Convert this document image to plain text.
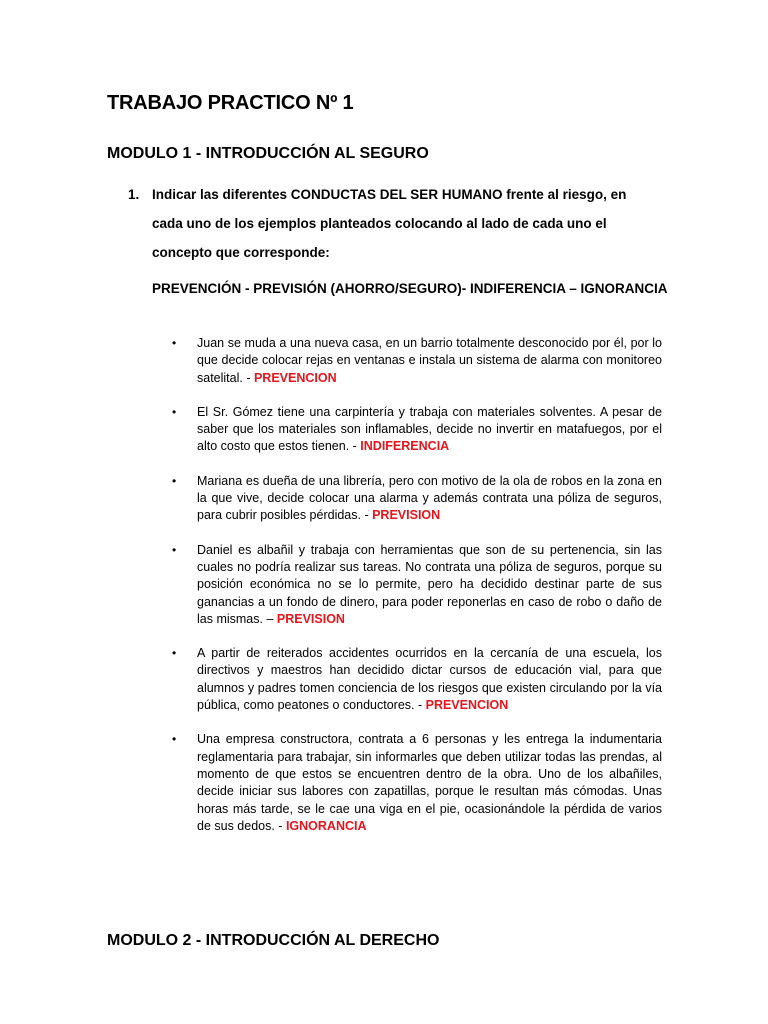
TRABAJO PRACTICO Nº 1
MODULO 1 - INTRODUCCIÓN AL SEGURO
1. Indicar las diferentes CONDUCTAS DEL SER HUMANO frente al riesgo, en cada uno de los ejemplos planteados colocando al lado de cada uno el concepto que corresponde:

PREVENCIÓN - PREVISIÓN (AHORRO/SEGURO)- INDIFERENCIA – IGNORANCIA

• Juan se muda a una nueva casa, en un barrio totalmente desconocido por él, por lo que decide colocar rejas en ventanas e instala un sistema de alarma con monitoreo satelital. - PREVENCION
• El Sr. Gómez tiene una carpintería y trabaja con materiales solventes. A pesar de saber que los materiales son inflamables, decide no invertir en matafuegos, por el alto costo que estos tienen. - INDIFERENCIA
• Mariana es dueña de una librería, pero con motivo de la ola de robos en la zona en la que vive, decide colocar una alarma y además contrata una póliza de seguros, para cubrir posibles pérdidas. - PREVISION
• Daniel es albañil y trabaja con herramientas que son de su pertenencia, sin las cuales no podría realizar sus tareas. No contrata una póliza de seguros, porque su posición económica no se lo permite, pero ha decidido destinar parte de sus ganancias a un fondo de dinero, para poder reponerlas en caso de robo o daño de las mismas. – PREVISION
• A partir de reiterados accidentes ocurridos en la cercanía de una escuela, los directivos y maestros han decidido dictar cursos de educación vial, para que alumnos y padres tomen conciencia de los riesgos que existen circulando por la vía pública, como peatones o conductores. - PREVENCION
• Una empresa constructora, contrata a 6 personas y les entrega la indumentaria reglamentaria para trabajar, sin informarles que deben utilizar todas las prendas, al momento de que estos se encuentren dentro de la obra. Uno de los albañiles, decide iniciar sus labores con zapatillas, porque le resultan más cómodas. Unas horas más tarde, se le cae una viga en el pie, ocasionándole la pérdida de varios de sus dedos. - IGNORANCIA
MODULO 2 - INTRODUCCIÓN AL DERECHO
